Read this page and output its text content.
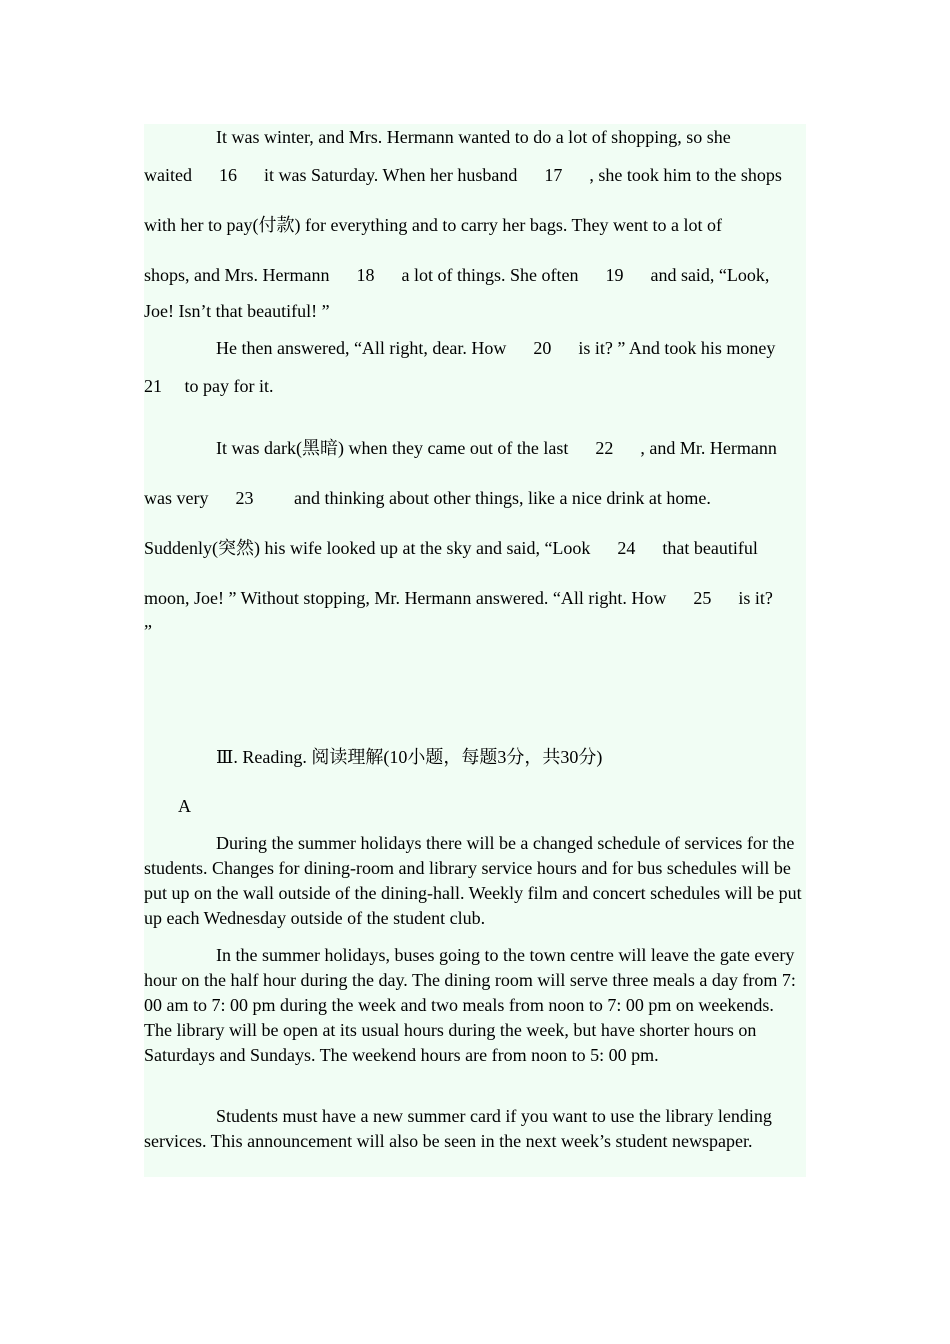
It was winter, and Mrs. Hermann wanted to do a lot of shopping, so she
waited      16      it was Saturday. When her husband      17      , she took him to the shops
with her to pay(付款) for everything and to carry her bags. They went to a lot of
shops, and Mrs. Hermann      18      a lot of things. She often      19      and said, “Look,
Joe! Isn’t that beautiful! ”
He then answered, “All right, dear. How      20      is it? ” And took his money
21     to pay for it.
It was dark(黑暗) when they came out of the last      22      , and Mr. Hermann
was very      23         and thinking about other things, like a nice drink at home.
Suddenly(突然) his wife looked up at the sky and said, “Look      24      that beautiful
moon, Joe! ” Without stopping, Mr. Hermann answered. “All right. How      25      is it?
”
Ⅲ. Reading. 阅读理解(10小题，每题3分，共30分)
A

During the summer holidays there will be a changed schedule of services for the students. Changes for dining-room and library service hours and for bus schedules will be put up on the wall outside of the dining-hall. Weekly film and concert schedules will be put up each Wednesday outside of the student club.

In the summer holidays, buses going to the town centre will leave the gate every hour on the half hour during the day. The dining room will serve three meals a day from 7: 00 am to 7: 00 pm during the week and two meals from noon to 7: 00 pm on weekends. The library will be open at its usual hours during the week, but have shorter hours on Saturdays and Sundays. The weekend hours are from noon to 5: 00 pm.

Students must have a new summer card if you want to use the library lending services. This announcement will also be seen in the next week’s student newspaper.
